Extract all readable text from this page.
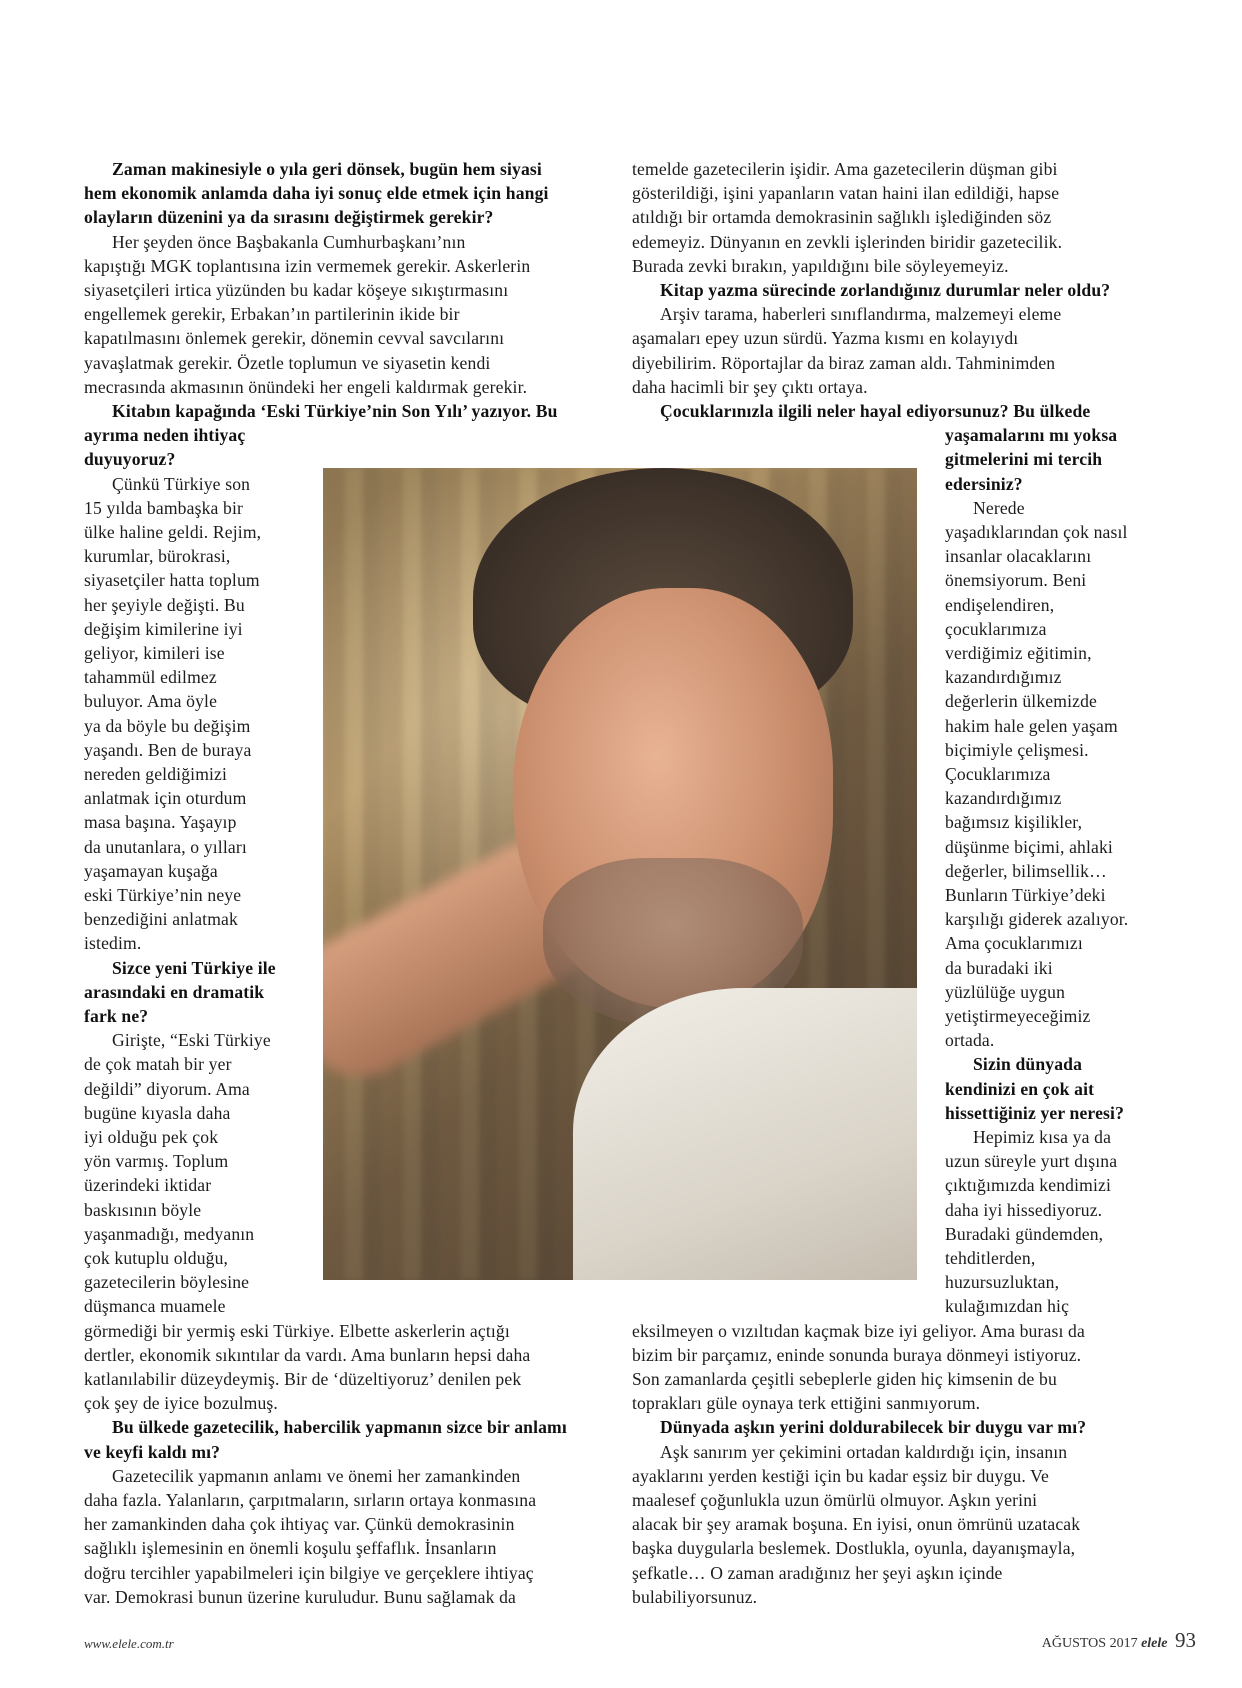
Zaman makinesiyle o yıla geri dönsek, bugün hem siyasi
hem ekonomik anlamda daha iyi sonuç elde etmek için hangi
olayların düzenini ya da sırasını değiştirmek gerekir?
Her şeyden önce Başbakanla Cumhurbaşkanı’nın
kapıştığı MGK toplantısına izin vermemek gerekir. Askerlerin
siyasetçileri irtica yüzünden bu kadar köşeye sıkıştırmasını
engellemek gerekir, Erbakan’ın partilerinin ikide bir
kapatılmasını önlemek gerekir, dönemin cevval savcılarını
yavaşlatmak gerekir. Özetle toplumun ve siyasetin kendi
mecrasında akmasının önündeki her engeli kaldırmak gerekir.
Kitabın kapağında ‘Eski Türkiye’nin Son Yılı’ yazıyor. Bu
ayrıma neden ihtiyaç
duyuyoruz?
Çünkü Türkiye son
15 yılda bambaşka bir
ülke haline geldi. Rejim,
kurumlar, bürokrasi,
siyasetçiler hatta toplum
her şeyiyle değişti. Bu
değişim kimilerine iyi
geliyor, kimileri ise
tahammül edilmez
buluyor. Ama öyle
ya da böyle bu değişim
yaşandı. Ben de buraya
nereden geldiğimizi
anlatmak için oturdum
masa başına. Yaşayıp
da unutanlara, o yılları
yaşamayan kuşağa
eski Türkiye’nin neye
benzediğini anlatmak
istedim.
Sizce yeni Türkiye ile
arasındaki en dramatik
fark ne?
Girişte, “Eski Türkiye
de çok matah bir yer
değildi” diyorum. Ama
bugüne kıyasla daha
iyi olduğu pek çok
yön varmış. Toplum
üzerindeki iktidar
baskısının böyle
yaşanmadığı, medyanın
çok kutuplu olduğu,
gazetecilerin böylesine
düşmanca muamele
görmediği bir yermiş eski Türkiye. Elbette askerlerin açtığı
dertler, ekonomik sıkıntılar da vardı. Ama bunların hepsi daha
katlanılabilir düzeydeymiş. Bir de ‘düzeltiyoruz’ denilen pek
çok şey de iyice bozulmuş.
Bu ülkede gazetecilik, habercilik yapmanın sizce bir anlamı
ve keyfi kaldı mı?
Gazetecilik yapmanın anlamı ve önemi her zamankinden
daha fazla. Yalanların, çarpıtmaların, sırların ortaya konmasına
her zamankinden daha çok ihtiyaç var. Çünkü demokrasinin
sağlıklı işlemesinin en önemli koşulu şeffaflık. İnsanların
doğru tercihler yapabilmeleri için bilgiye ve gerçeklere ihtiyaç
var. Demokrasi bunun üzerine kuruludur. Bunu sağlamak da
temelde gazetecilerin işidir. Ama gazetecilerin düşman gibi
gösterildiği, işini yapanların vatan haini ilan edildiği, hapse
atıldığı bir ortamda demokrasinin sağlıklı işlediğinden söz
edemeyiz. Dünyanın en zevkli işlerinden biridir gazetecilik.
Burada zevki bırakın, yapıldığını bile söyleyemeyiz.
Kitap yazma sürecinde zorlandığınız durumlar neler oldu?
Arşiv tarama, haberleri sınıflandırma, malzemeyi eleme
aşamaları epey uzun sürdü. Yazma kısmı en kolayıydı
diyebilirim. Röportajlar da biraz zaman aldı. Tahminimden
daha hacimli bir şey çıktı ortaya.
Çocuklarınızla ilgili neler hayal ediyorsunuz? Bu ülkede
yaşamalarını mı yoksa
gitmelerini mi tercih
edersiniz?
Nerede
yaşadıklarından çok nasıl
insanlar olacaklarını
önemsiyorum. Beni
endişelendiren,
çocuklarımıza
verdiğimiz eğitimin,
kazandırdığımız
değerlerin ülkemizde
hakim hale gelen yaşam
biçimiyle çelişmesi.
Çocuklarımıza
kazandırdığımız
bağımsız kişilikler,
düşünme biçimi, ahlaki
değerler, bilimsellik…
Bunların Türkiye’deki
karşılığı giderek azalıyor.
Ama çocuklarımızı
da buradaki iki
yüzlülüğe uygun
yetiştirmeyeceğimiz
ortada.
Sizin dünyada
kendinizi en çok ait
hissettiğiniz yer neresi?
Hepimiz kısa ya da
uzun süreyle yurt dışına
çıktığımızda kendimizi
daha iyi hissediyoruz.
Buradaki gündemden,
tehditlerden,
huzursuzluktan,
kulağımızdan hiç
eksilmeyen o vızıltıdan kaçmak bize iyi geliyor. Ama burası da
bizim bir parçamız, eninde sonunda buraya dönmeyi istiyoruz.
Son zamanlarda çeşitli sebeplerle giden hiç kimsenin de bu
toprakları güle oynaya terk ettiğini sanmıyorum.
Dünyada aşkın yerini doldurabilecek bir duygu var mı?
Aşk sanırım yer çekimini ortadan kaldırdığı için, insanın
ayaklarını yerden kestiği için bu kadar eşsiz bir duygu. Ve
maalesef çoğunlukla uzun ömürlü olmuyor. Aşkın yerini
alacak bir şey aramak boşuna. En iyisi, onun ömrünü uzatacak
başka duygularla beslemek. Dostlukla, oyunla, dayanışmayla,
şefkatle… O zaman aradığınız her şeyi aşkın içinde
bulabiliyorsunuz.
www.elele.com.tr	AĞUSTOS 2017 elele 93
